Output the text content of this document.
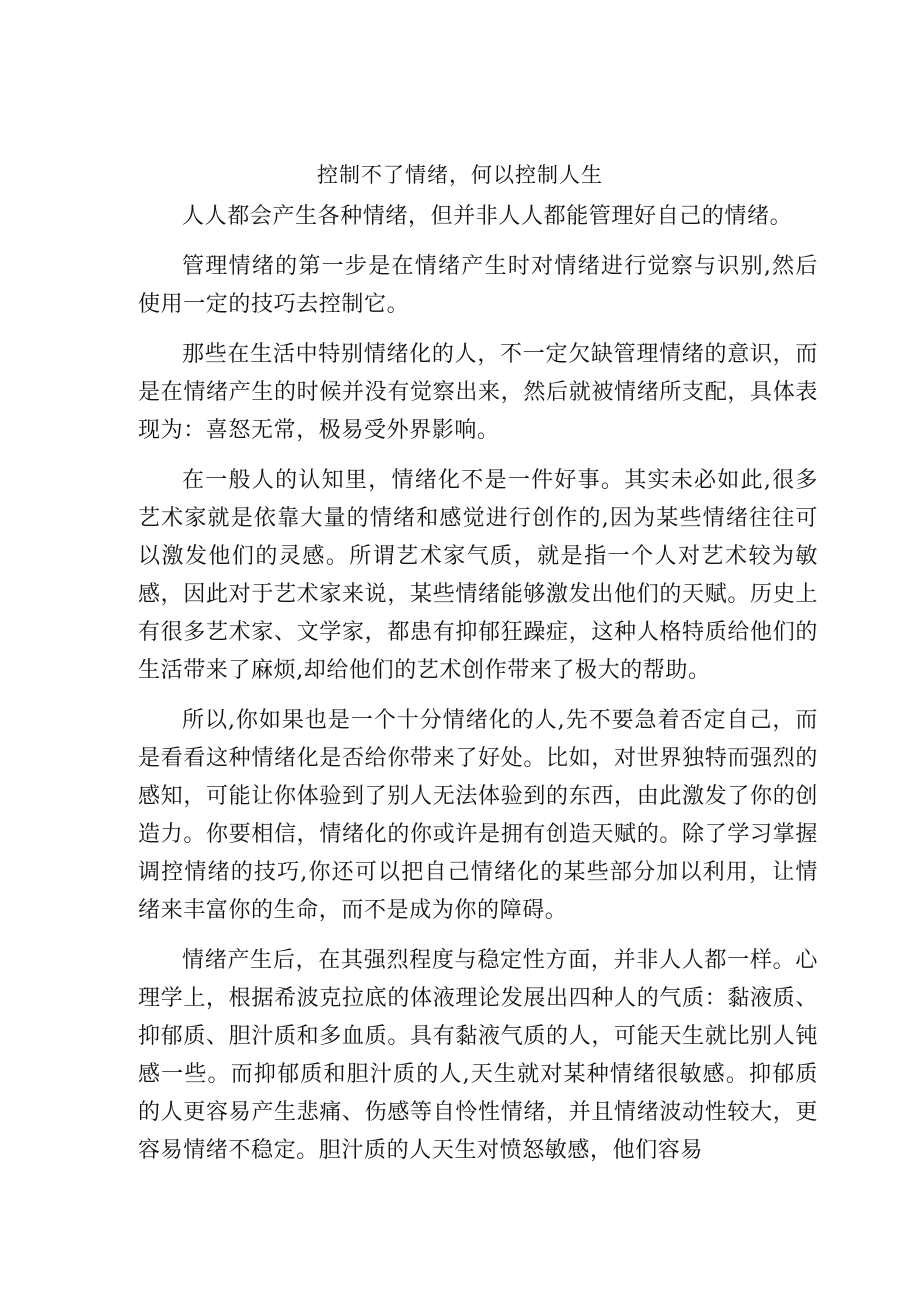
控制不了情绪，何以控制人生

人人都会产生各种情绪，但并非人人都能管理好自己的情绪。

管理情绪的第一步是在情绪产生时对情绪进行觉察与识别,然后使用一定的技巧去控制它。

那些在生活中特别情绪化的人，不一定欠缺管理情绪的意识，而是在情绪产生的时候并没有觉察出来，然后就被情绪所支配，具体表现为：喜怒无常，极易受外界影响。

在一般人的认知里，情绪化不是一件好事。其实未必如此,很多艺术家就是依靠大量的情绪和感觉进行创作的,因为某些情绪往往可以激发他们的灵感。所谓艺术家气质，就是指一个人对艺术较为敏感，因此对于艺术家来说，某些情绪能够激发出他们的天赋。历史上有很多艺术家、文学家，都患有抑郁狂躁症，这种人格特质给他们的生活带来了麻烦,却给他们的艺术创作带来了极大的帮助。

所以,你如果也是一个十分情绪化的人,先不要急着否定自己，而是看看这种情绪化是否给你带来了好处。比如，对世界独特而强烈的感知，可能让你体验到了别人无法体验到的东西，由此激发了你的创造力。你要相信，情绪化的你或许是拥有创造天赋的。除了学习掌握调控情绪的技巧,你还可以把自己情绪化的某些部分加以利用，让情绪来丰富你的生命，而不是成为你的障碍。

情绪产生后，在其强烈程度与稳定性方面，并非人人都一样。心理学上，根据希波克拉底的体液理论发展出四种人的气质：黏液质、抑郁质、胆汁质和多血质。具有黏液气质的人，可能天生就比别人钝感一些。而抑郁质和胆汁质的人,天生就对某种情绪很敏感。抑郁质的人更容易产生悲痛、伤感等自怜性情绪，并且情绪波动性较大，更容易情绪不稳定。胆汁质的人天生对愤怒敏感，他们容易
